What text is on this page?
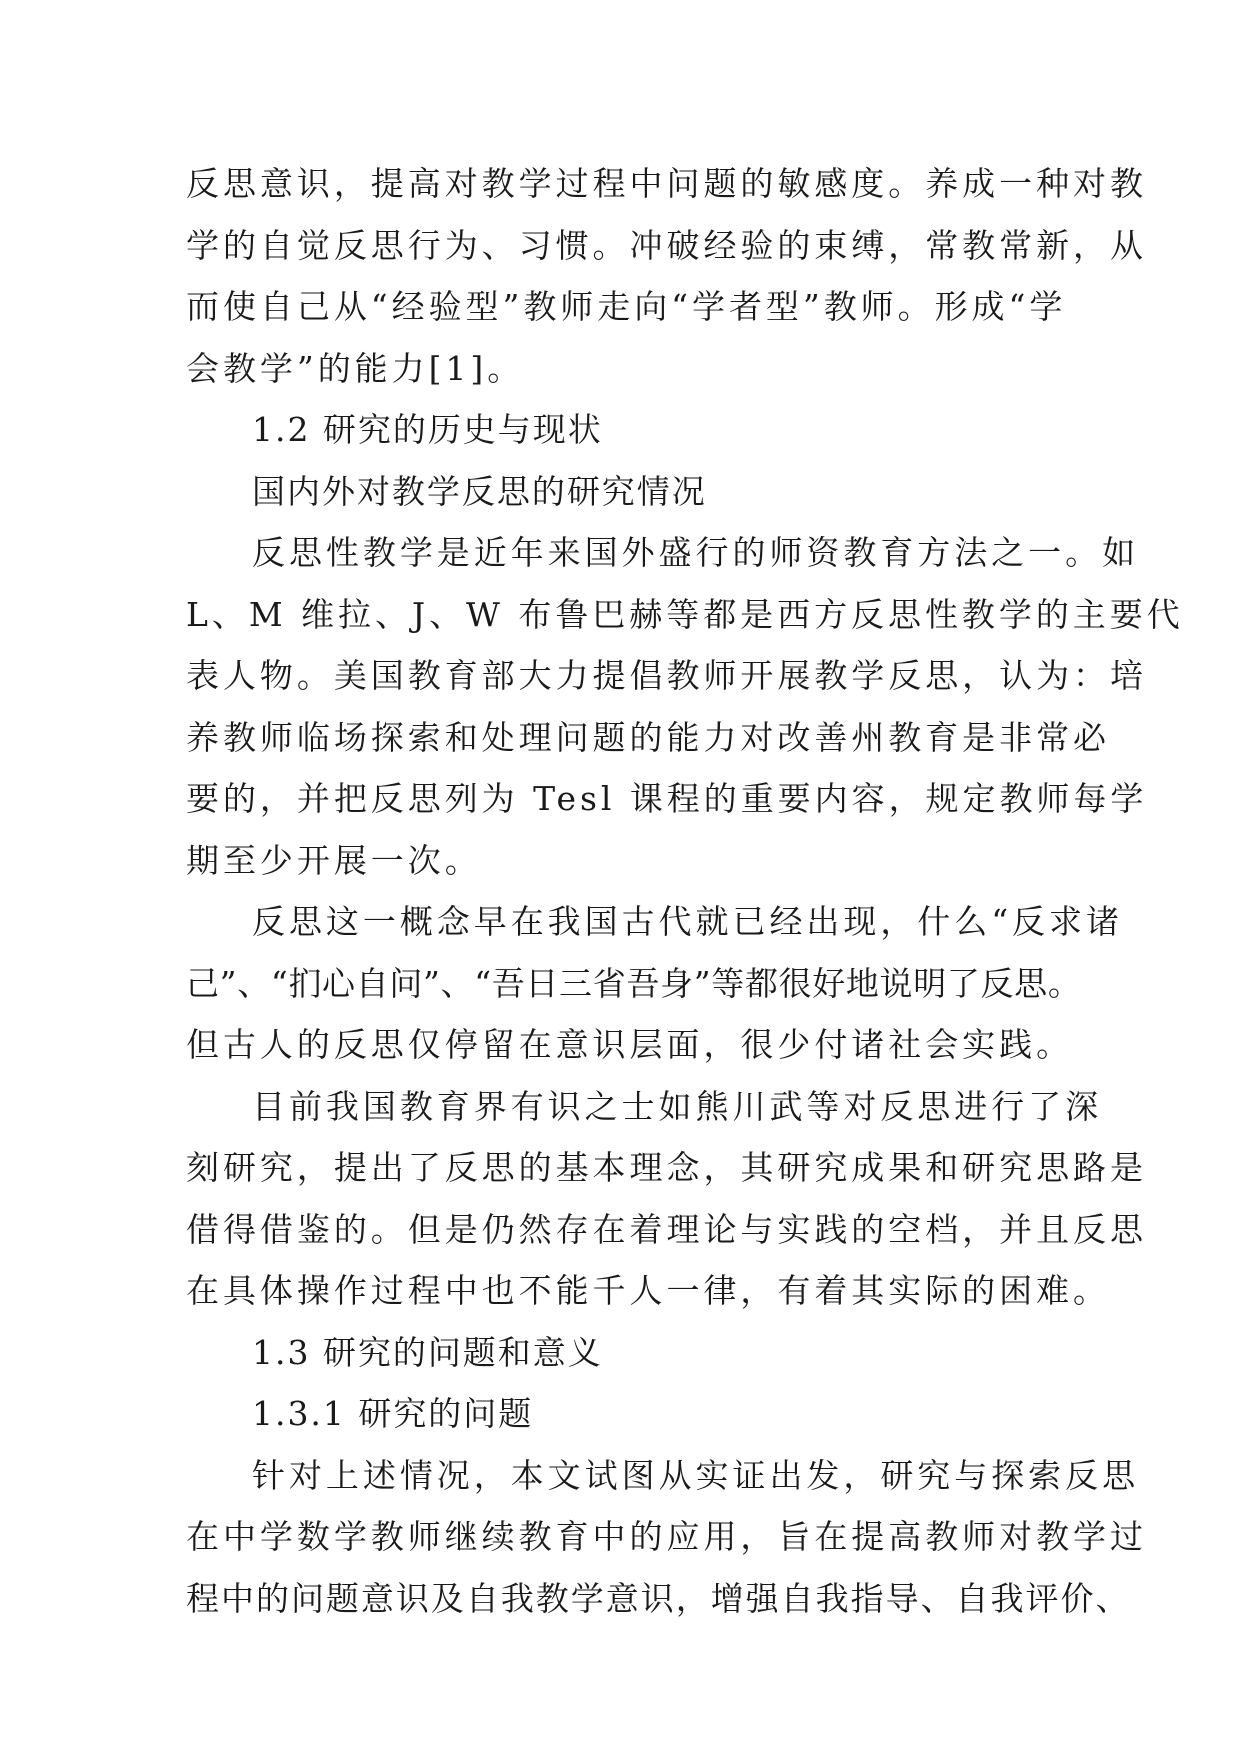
反思意识，提高对教学过程中问题的敏感度。养成一种对教
学的自觉反思行为、习惯。冲破经验的束缚，常教常新，从
而使自己从“经验型”教师走向“学者型”教师。形成“学
会教学”的能力[1]。
1.2 研究的历史与现状
国内外对教学反思的研究情况
反思性教学是近年来国外盛行的师资教育方法之一。如
L、M 维拉、J、W 布鲁巴赫等都是西方反思性教学的主要代
表人物。美国教育部大力提倡教师开展教学反思，认为：培
养教师临场探索和处理问题的能力对改善州教育是非常必
要的，并把反思列为 Tesl 课程的重要内容，规定教师每学
期至少开展一次。
反思这一概念早在我国古代就已经出现，什么“反求诸
己”、“扪心自问”、“吾日三省吾身”等都很好地说明了反思。
但古人的反思仅停留在意识层面，很少付诸社会实践。
目前我国教育界有识之士如熊川武等对反思进行了深
刻研究，提出了反思的基本理念，其研究成果和研究思路是
借得借鉴的。但是仍然存在着理论与实践的空档，并且反思
在具体操作过程中也不能千人一律，有着其实际的困难。
1.3 研究的问题和意义
1.3.1 研究的问题
针对上述情况，本文试图从实证出发，研究与探索反思
在中学数学教师继续教育中的应用，旨在提高教师对教学过
程中的问题意识及自我教学意识，增强自我指导、自我评价、
